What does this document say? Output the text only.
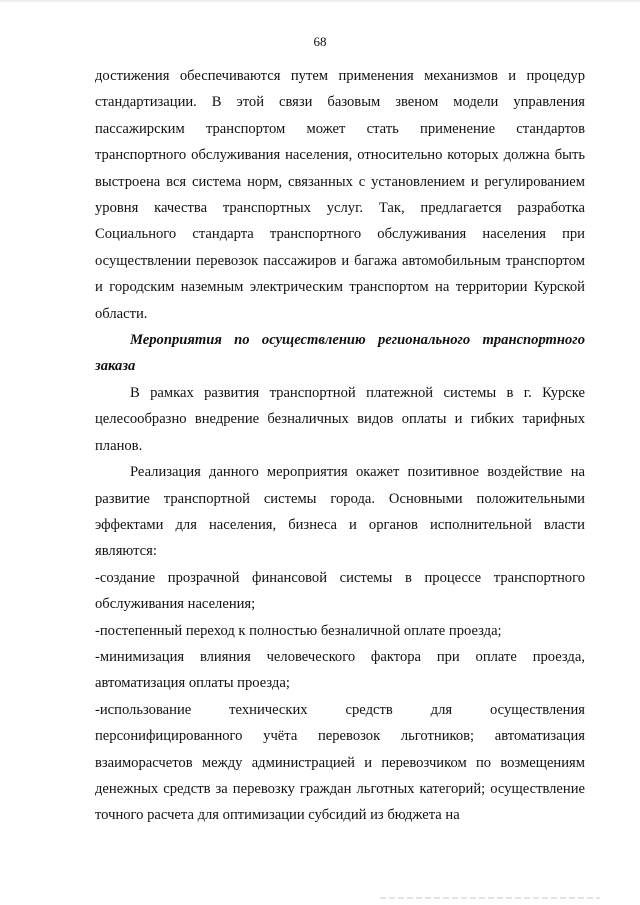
68

достижения обеспечиваются путем применения механизмов и процедур стандартизации. В этой связи базовым звеном модели управления пассажирским транспортом может стать применение стандартов транспортного обслуживания населения, относительно которых должна быть выстроена вся система норм, связанных с установлением и регулированием уровня качества транспортных услуг. Так, предлагается разработка Социального стандарта транспортного обслуживания населения при осуществлении перевозок пассажиров и багажа автомобильным транспортом и городским наземным электрическим транспортом на территории Курской области.

Мероприятия по осуществлению регионального транспортного заказа

В рамках развития транспортной платежной системы в г. Курске целесообразно внедрение безналичных видов оплаты и гибких тарифных планов.

Реализация данного мероприятия окажет позитивное воздействие на развитие транспортной системы города. Основными положительными эффектами для населения, бизнеса и органов исполнительной власти являются:

-создание прозрачной финансовой системы в процессе транспортного обслуживания населения;

-постепенный переход к полностью безналичной оплате проезда;

-минимизация влияния человеческого фактора при оплате проезда, автоматизация оплаты проезда;

-использование технических средств для осуществления персонифицированного учёта перевозок льготников; автоматизация взаиморасчетов между администрацией и перевозчиком по возмещениям денежных средств за перевозку граждан льготных категорий; осуществление точного расчета для оптимизации субсидий из бюджета на
